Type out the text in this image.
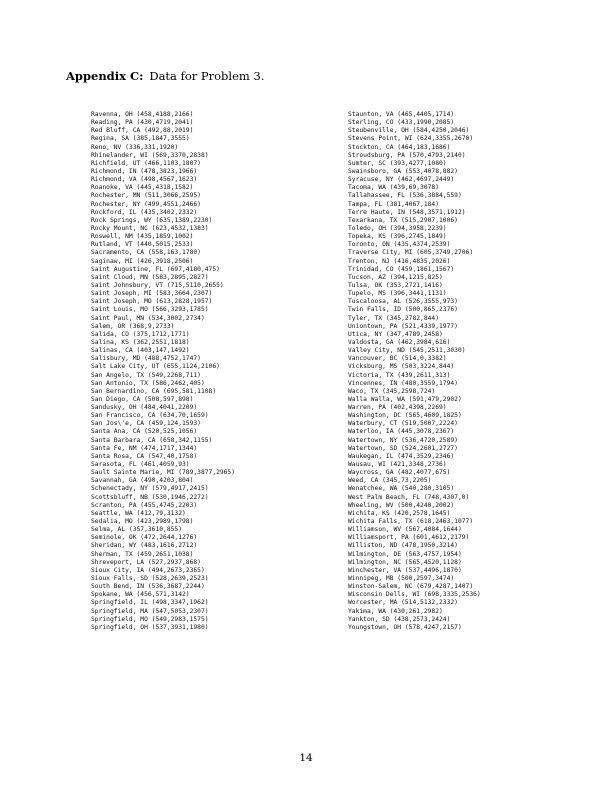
Appendix C: Data for Problem 3.
Ravenna, OH (458,4188,2166)
Reading, PA (430,4719,2041)
Red Bluff, CA (492,88,2019)
Regina, SA (385,1847,3555)
Reno, NV (336,331,1920)
Rhinelander, WI (569,3370,2838)
Richfield, UT (466,1103,1807)
Richmond, IN (478,3823,1966)
Richmond, VA (498,4567,1623)
Roanoke, VA (445,4318,1582)
Rochester, MN (511,3066,2595)
Rochester, NY (499,4551,2466)
Rockford, IL (435,3402,2332)
Rock Springs, WY (635,1389,2230)
Rocky Mount, NC (623,4532,1383)
Roswell, NM (435,1859,1002)
Rutland, VT (440,5015,2533)
Sacramento, CA (558,163,1780)
Saginaw, MI (426,3918,2506)
Saint Augustine, FL (697,4180,475)
Saint Cloud, MN (583,2895,2827)
Saint Johnsbury, VT (715,5110,2655)
Saint Joseph, MI (583,3664,2307)
Saint Joseph, MO (613,2828,1957)
Saint Louis, MO (566,3293,1785)
Saint Paul, MN (534,3002,2734)
Salem, OR (368,9,2733)
Salida, CO (375,1712,1771)
Salina, KS (362,2551,1818)
Salinas, CA (403,147,1492)
Salisbury, MD (488,4752,1747)
Salt Lake City, UT (655,1124,2106)
San Angelo, TX (549,2268,711)
San Antonio, TX (586,2462,405)
San Bernardino, CA (695,581,1108)
San Diego, CA (508,597,898)
Sandusky, OH (484,4041,2209)
San Francisco, CA (634,70,1659)
San Jos\'e, CA (459,124,1593)
Santa Ana, CA (520,525,1056)
Santa Barbara, CA (658,342,1155)
Santa Fe, NM (474,1717,1344)
Santa Rosa, CA (547,40,1758)
Sarasota, FL (461,4059,93)
Sault Sainte Marie, MI (789,3877,2965)
Savannah, GA (490,4203,804)
Schenectady, NY (579,4917,2415)
Scottsbluff, NB (530,1946,2272)
Scranton, PA (455,4745,2203)
Seattle, WA (412,79,3132)
Sedalia, MO (423,2989,1798)
Selma, AL (357,3610,855)
Seminole, OK (472,2644,1276)
Sheridan, WY (483,1616,2712)
Sherman, TX (459,2651,1038)
Shreveport, LA (527,2937,868)
Sioux City, IA (494,2673,2365)
Sioux Falls, SD (528,2639,2523)
South Bend, IN (536,3687,2244)
Spokane, WA (456,571,3142)
Springfield, IL (498,3347,1962)
Springfield, MA (547,5053,2307)
Springfield, MO (549,2983,1575)
Springfield, OH (537,3931,1980)
Staunton, VA (465,4405,1714)
Sterling, CO (433,1990,2085)
Steubenville, OH (584,4250,2046)
Stevens Point, WI (624,3355,2670)
Stockton, CA (464,183,1686)
Stroudsburg, PA (570,4793,2140)
Sumter, SC (393,4277,1080)
Swainsboro, GA (553,4078,882)
Syracuse, NY (462,4697,2449)
Tacoma, WA (439,69,3078)
Tallahassee, FL (536,3884,559)
Tampa, FL (381,4067,184)
Terre Haute, IN (548,3571,1912)
Texarkana, TX (515,2907,1006)
Toledo, OH (394,3958,2239)
Topeka, KS (396,2745,1849)
Toronto, ON (435,4374,2539)
Traverse City, MI (605,3749,2706)
Trenton, NJ (416,4835,2026)
Trinidad, CO (459,1861,1567)
Tucson, AZ (394,1215,825)
Tulsa, OK (353,2721,1416)
Tupelo, MS (396,3441,1131)
Tuscaloosa, AL (526,3555,973)
Twin Falls, ID (500,865,2376)
Tyler, TX (345,2782,844)
Uniontown, PA (521,4339,1977)
Utica, NY (347,4789,2458)
Valdosta, GA (462,3984,616)
Valley City, ND (545,2511,3030)
Vancouver, BC (514,0,3382)
Vicksburg, MS (503,3224,844)
Victoria, TX (439,2611,313)
Vincennes, IN (480,3559,1794)
Waco, TX (345,2598,724)
Walla Walla, WA (591,479,2902)
Warren, PA (402,4398,2269)
Washington, DC (565,4609,1825)
Waterbury, CT (519,5007,2224)
Waterloo, IA (445,3078,2367)
Watertown, NY (536,4720,2589)
Watertown, SD (524,2601,2727)
Waukegan, IL (474,3529,2346)
Wausau, WI (421,3348,2736)
Waycross, GA (482,4077,675)
Weed, CA (345,73,2205)
Wenatchee, WA (540,280,3105)
West Palm Beach, FL (748,4307,0)
Wheeling, WV (500,4240,2002)
Wichita, KS (420,2578,1645)
Wichita Falls, TX (618,2463,1077)
Williamson, WV (567,4084,1644)
Williamsport, PA (601,4612,2179)
Williston, ND (478,1950,3214)
Wilmington, DE (563,4757,1954)
Wilmington, NC (565,4520,1128)
Winchester, VA (537,4496,1870)
Winnipeg, MB (500,2597,3474)
Winston-Salem, NC (679,4287,1407)
Wisconsin Dells, WI (698,3335,2536)
Worcester, MA (514,5132,2332)
Yakima, WA (430,261,2982)
Yankton, SD (438,2573,2424)
Youngstown, OH (578,4247,2157)
14
